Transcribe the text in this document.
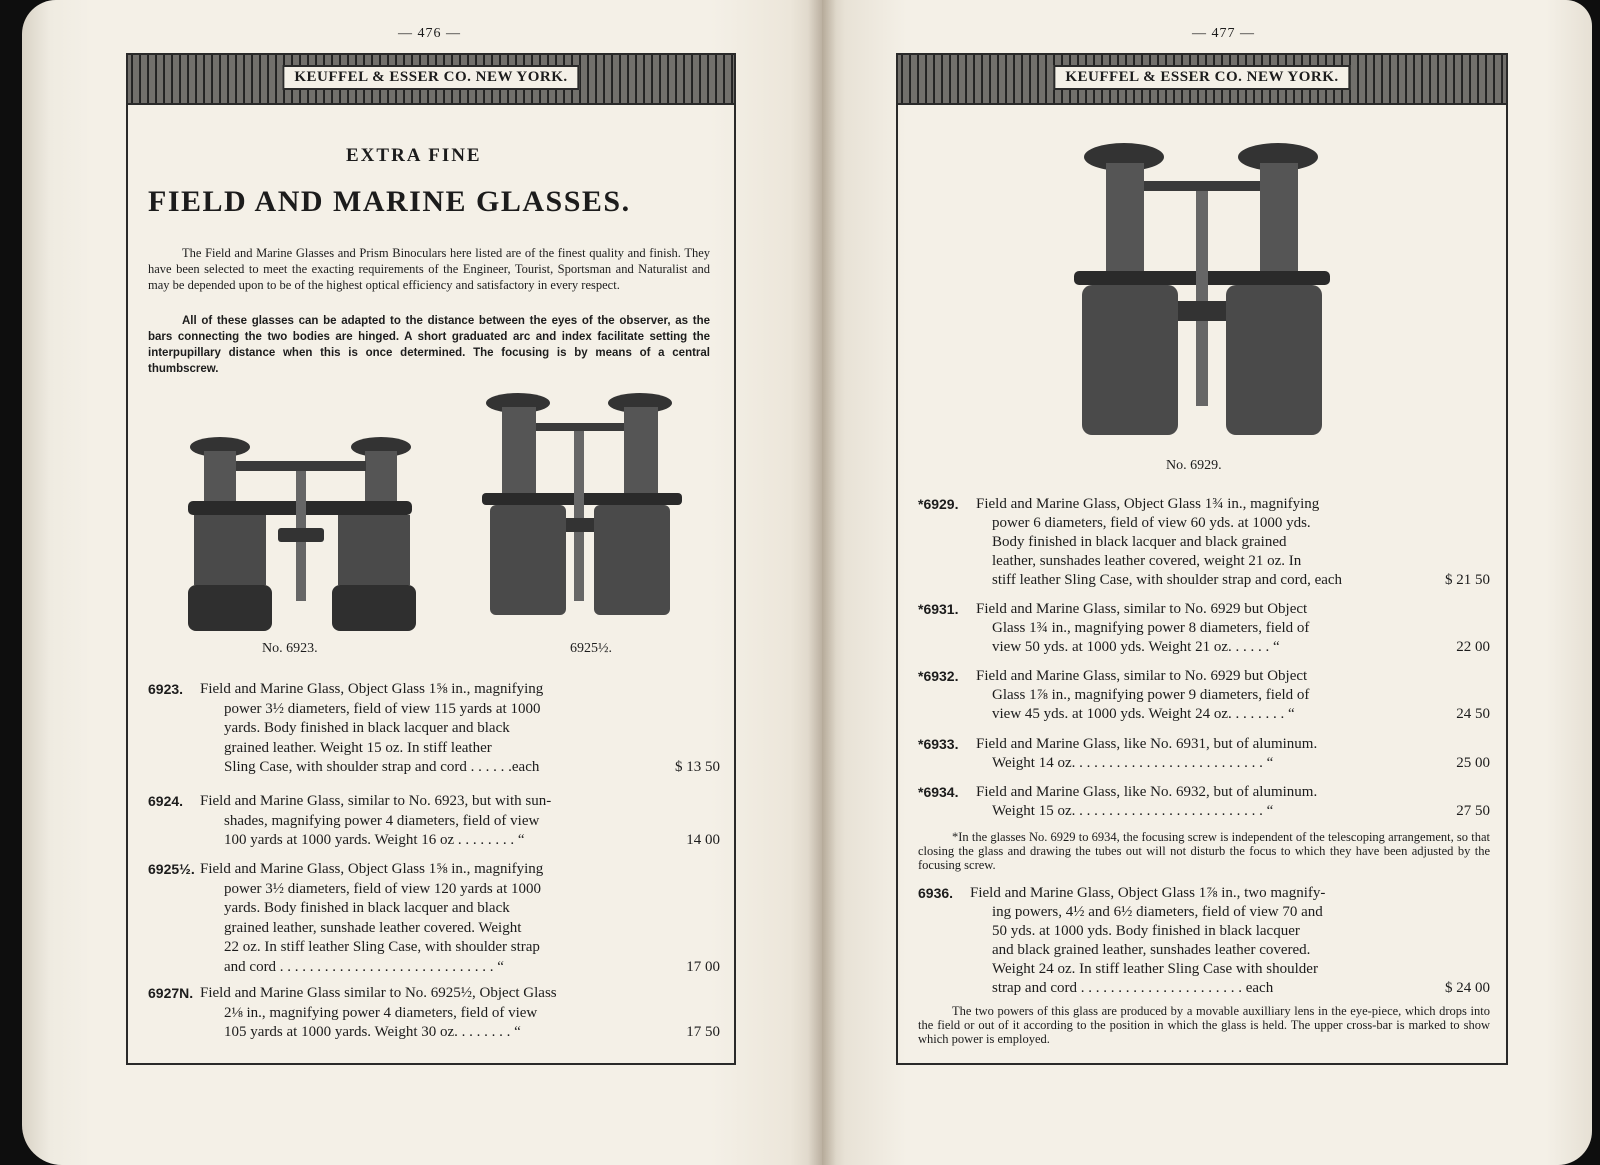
— 476 —
KEUFFEL & ESSER CO. NEW YORK.
EXTRA FINE
FIELD AND MARINE GLASSES.
The Field and Marine Glasses and Prism Binoculars here listed are of the finest quality and finish. They have been selected to meet the exacting requirements of the Engineer, Tourist, Sportsman and Naturalist and may be depended upon to be of the highest optical efficiency and satisfactory in every respect.
All of these glasses can be adapted to the distance between the eyes of the observer, as the bars connecting the two bodies are hinged. A short graduated arc and index facilitate setting the interpupillary distance when this is once determined. The focusing is by means of a central thumbscrew.
No. 6923.	6925½.
6923. Field and Marine Glass, Object Glass 1⅝ in., magnifying
power 3½ diameters, field of view 115 yards at 1000
yards. Body finished in black lacquer and black
grained leather. Weight 15 oz. In stiff leather
Sling Case, with shoulder strap and cord . . . . . .each	$ 13 50
6924. Field and Marine Glass, similar to No. 6923, but with sun-
shades, magnifying power 4 diameters, field of view
100 yards at 1000 yards. Weight 16 oz . . . . . . . . “	14 00
6925½. Field and Marine Glass, Object Glass 1⅝ in., magnifying
power 3½ diameters, field of view 120 yards at 1000
yards. Body finished in black lacquer and black
grained leather, sunshade leather covered. Weight
22 oz. In stiff leather Sling Case, with shoulder strap
and cord . . . . . . . . . . . . . . . . . . . . . . . . . . . . . “	17 00
6927N. Field and Marine Glass similar to No. 6925½, Object Glass
2⅛ in., magnifying power 4 diameters, field of view
105 yards at 1000 yards. Weight 30 oz. . . . . . . . “	17 50
— 477 —
KEUFFEL & ESSER CO. NEW YORK.
No. 6929.
*6929. Field and Marine Glass, Object Glass 1¾ in., magnifying
power 6 diameters, field of view 60 yds. at 1000 yds.
Body finished in black lacquer and black grained
leather, sunshades leather covered, weight 21 oz. In
stiff leather Sling Case, with shoulder strap and cord, each	$ 21 50
*6931. Field and Marine Glass, similar to No. 6929 but Object
Glass 1¾ in., magnifying power 8 diameters, field of
view 50 yds. at 1000 yds. Weight 21 oz. . . . . . “	22 00
*6932. Field and Marine Glass, similar to No. 6929 but Object
Glass 1⅞ in., magnifying power 9 diameters, field of
view 45 yds. at 1000 yds. Weight 24 oz. . . . . . . . “	24 50
*6933. Field and Marine Glass, like No. 6931, but of aluminum.
Weight 14 oz. . . . . . . . . . . . . . . . . . . . . . . . . . “	25 00
*6934. Field and Marine Glass, like No. 6932, but of aluminum.
Weight 15 oz. . . . . . . . . . . . . . . . . . . . . . . . . . “	27 50
*In the glasses No. 6929 to 6934, the focusing screw is independent of the telescoping arrangement, so that closing the glass and drawing the tubes out will not disturb the focus to which they have been adjusted by the focusing screw.
6936. Field and Marine Glass, Object Glass 1⅞ in., two magnify-
ing powers, 4½ and 6½ diameters, field of view 70 and
50 yds. at 1000 yds. Body finished in black lacquer
and black grained leather, sunshades leather covered.
Weight 24 oz. In stiff leather Sling Case with shoulder
strap and cord . . . . . . . . . . . . . . . . . . . . . . each	$ 24 00
The two powers of this glass are produced by a movable auxilliary lens in the eye-piece, which drops into the field or out of it according to the position in which the glass is held. The upper cross-bar is marked to show which power is employed.
